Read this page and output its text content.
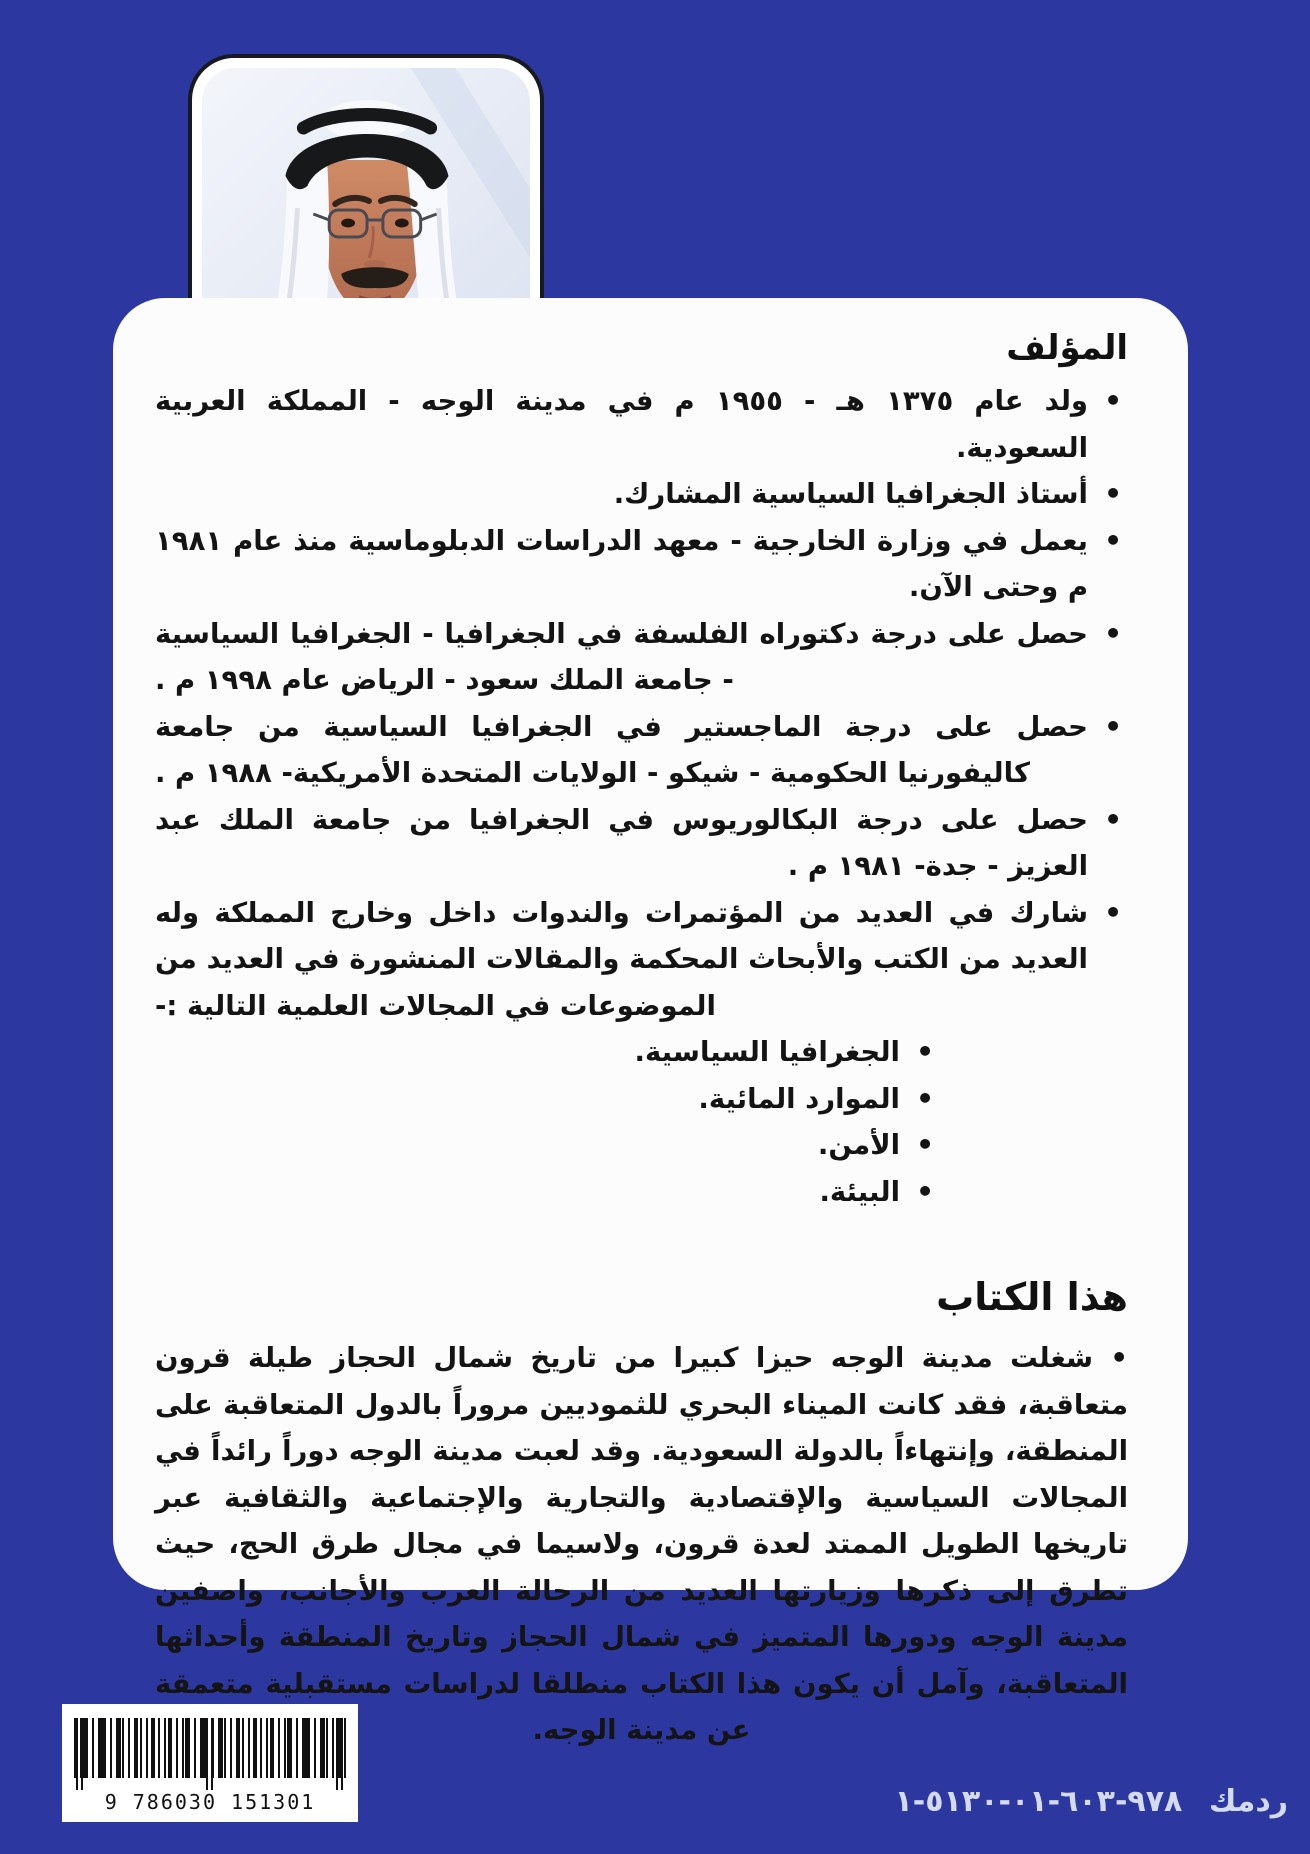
المؤلف
• ولد عام ١٣٧٥ هـ - ١٩٥٥ م في مدينة الوجه - المملكة العربية السعودية.
• أستاذ الجغرافيا السياسية المشارك.
• يعمل في وزارة الخارجية - معهد الدراسات الدبلوماسية منذ عام ١٩٨١ م وحتى الآن.
• حصل على درجة دكتوراه الفلسفة في الجغرافيا - الجغرافيا السياسية - جامعة الملك سعود - الرياض عام ١٩٩٨ م .
• حصل على درجة الماجستير في الجغرافيا السياسية من جامعة كاليفورنيا الحكومية - شيكو - الولايات المتحدة الأمريكية- ١٩٨٨ م .
• حصل على درجة البكالوريوس في الجغرافيا من جامعة الملك عبد العزيز - جدة- ١٩٨١ م .
• شارك في العديد من المؤتمرات والندوات داخل وخارج المملكة وله العديد من الكتب والأبحاث المحكمة والمقالات المنشورة في العديد من الموضوعات في المجالات العلمية التالية :-
• الجغرافيا السياسية.
• الموارد المائية.
• الأمن.
• البيئة.
هذا الكتاب

• شغلت مدينة الوجه حيزا كبيرا من تاريخ شمال الحجاز طيلة قرون متعاقبة، فقد كانت الميناء البحري للثموديين مروراً بالدول المتعاقبة على المنطقة، وإنتهاءاً بالدولة السعودية. وقد لعبت مدينة الوجه دوراً رائداً في المجالات السياسية والإقتصادية والتجارية والإجتماعية والثقافية عبر تاريخها الطويل الممتد لعدة قرون، ولاسيما في مجال طرق الحج، حيث تطرق إلى ذكرها وزيارتها العديد من الرحالة العرب والأجانب، واصفين مدينة الوجه ودورها المتميز في شمال الحجاز وتاريخ المنطقة وأحداثها المتعاقبة، وآمل أن يكون هذا الكتاب منطلقا لدراسات مستقبلية متعمقة عن مدينة الوجه.

9 786030 151301	ردمك ٩٧٨-٦٠٣-٠١-٥١٣٠-١
